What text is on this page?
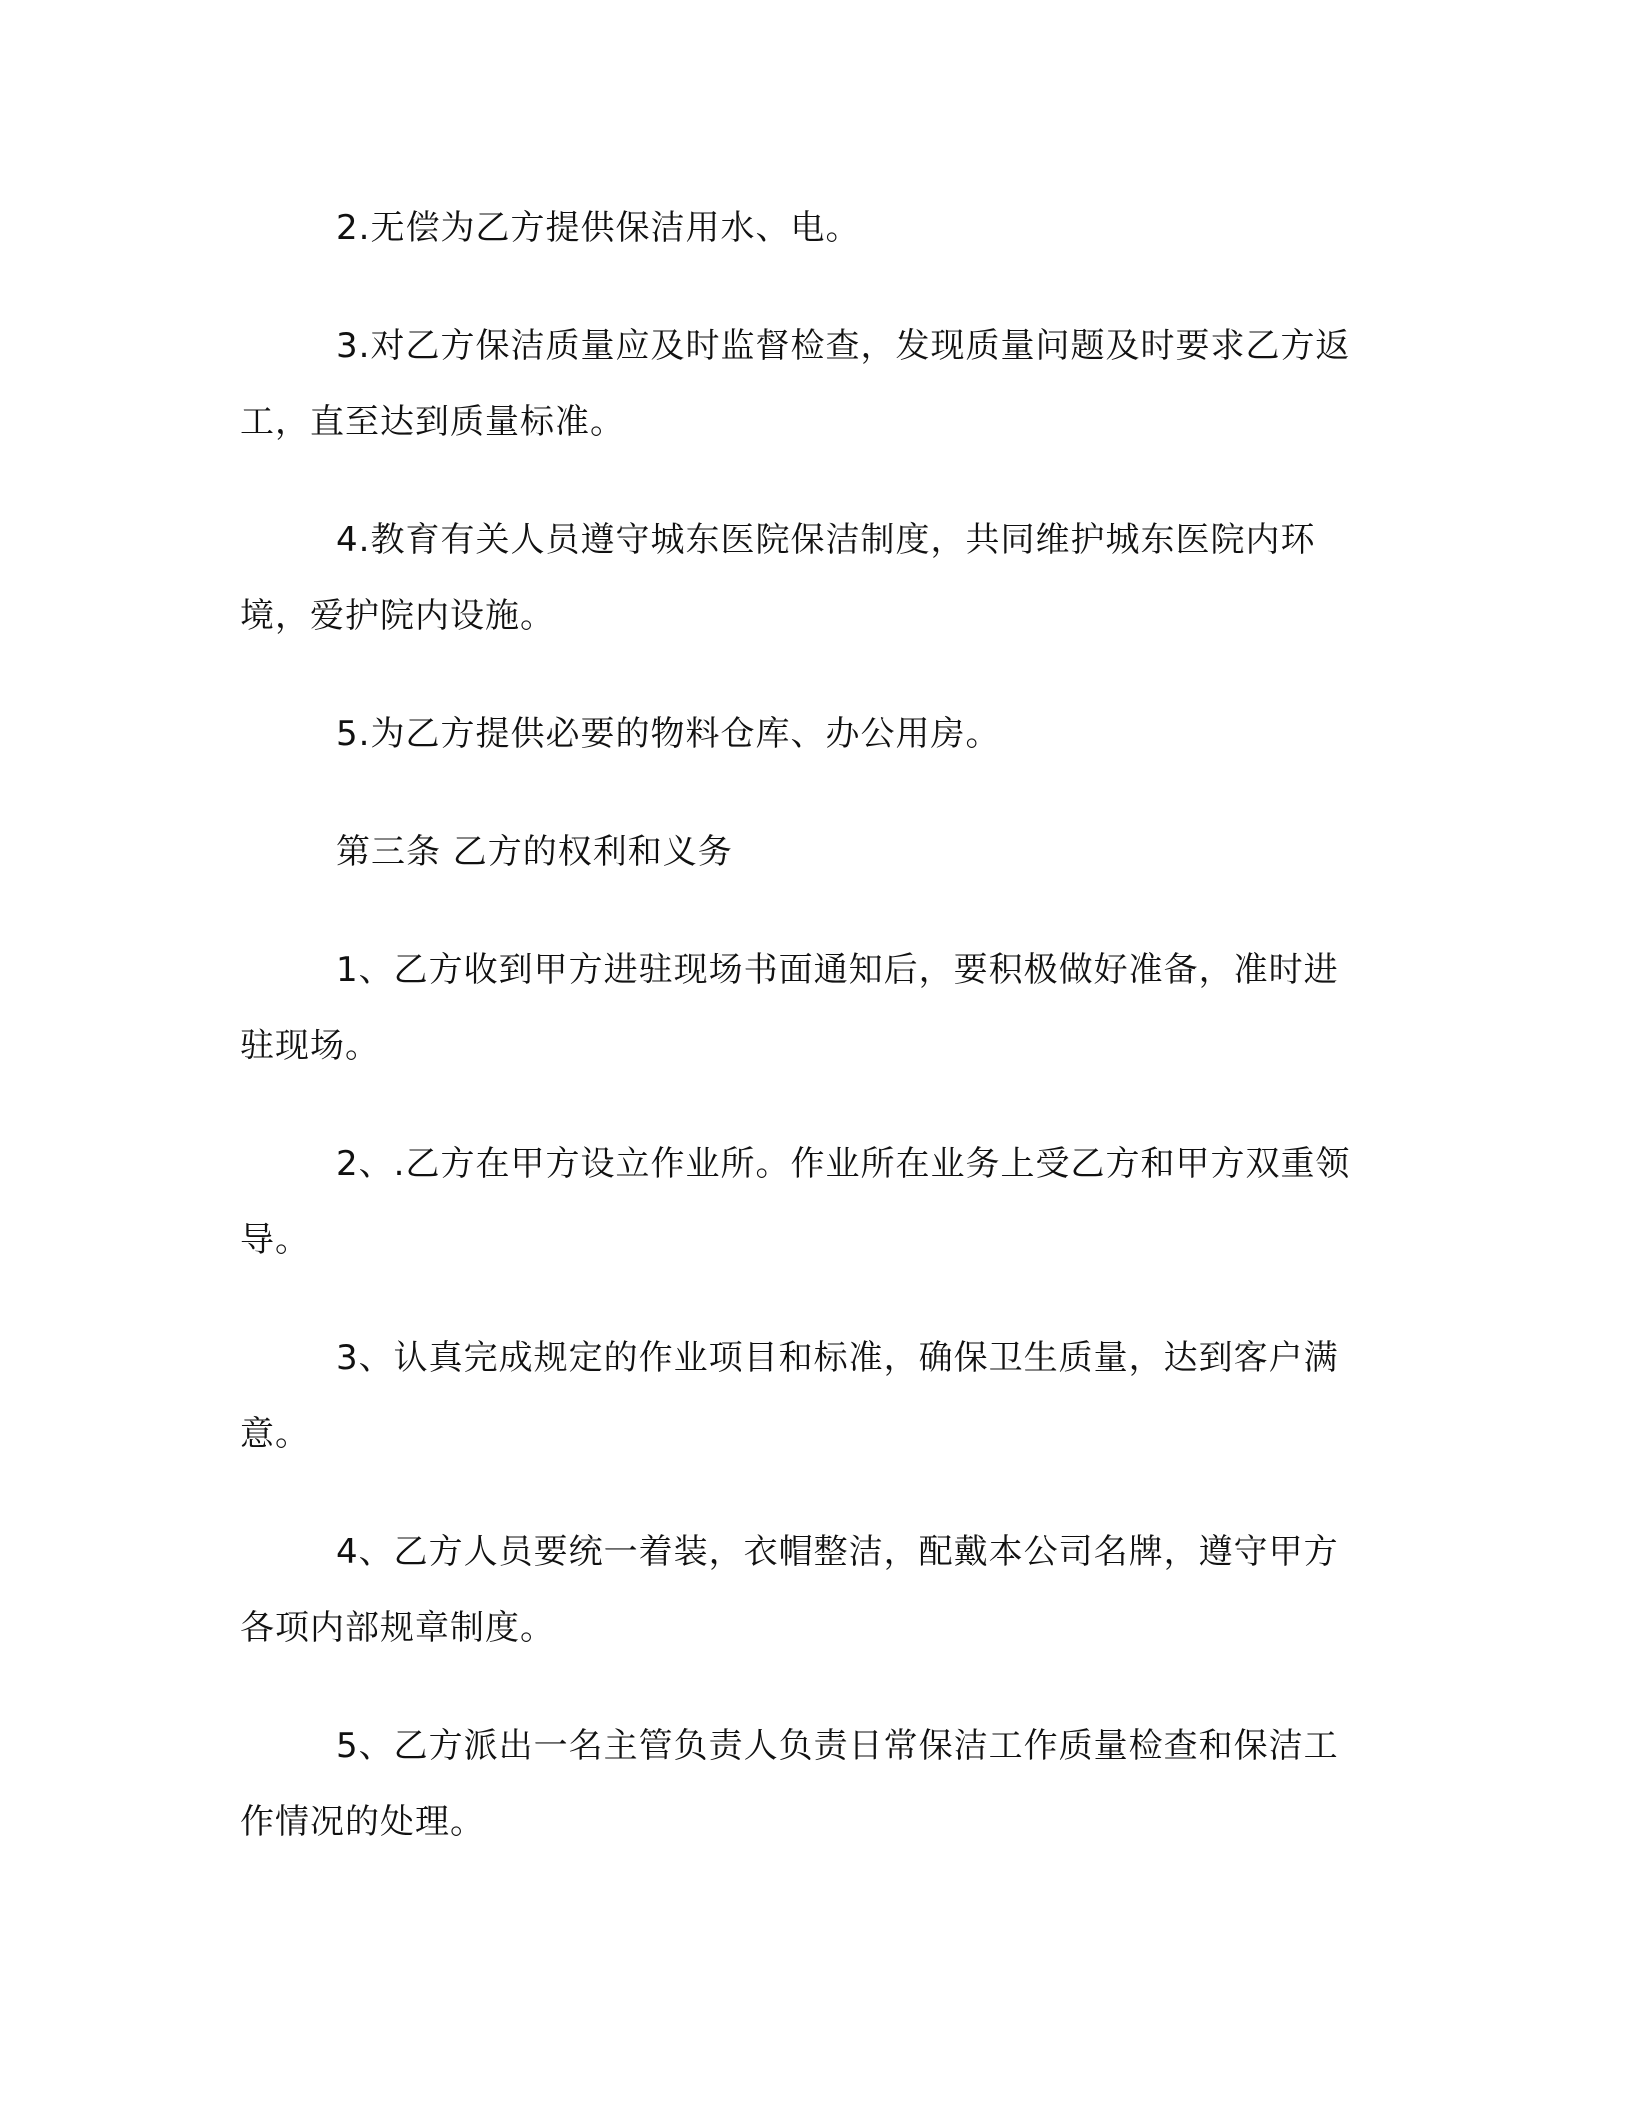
2.无偿为乙方提供保洁用水、电。

3.对乙方保洁质量应及时监督检查，发现质量问题及时要求乙方返工，直至达到质量标准。

4.教育有关人员遵守城东医院保洁制度，共同维护城东医院内环境，爱护院内设施。

5.为乙方提供必要的物料仓库、办公用房。

第三条 乙方的权利和义务

1、乙方收到甲方进驻现场书面通知后，要积极做好准备，准时进驻现场。

2、.乙方在甲方设立作业所。作业所在业务上受乙方和甲方双重领导。

3、认真完成规定的作业项目和标准，确保卫生质量，达到客户满意。

4、乙方人员要统一着装，衣帽整洁，配戴本公司名牌，遵守甲方各项内部规章制度。

5、乙方派出一名主管负责人负责日常保洁工作质量检查和保洁工作情况的处理。
